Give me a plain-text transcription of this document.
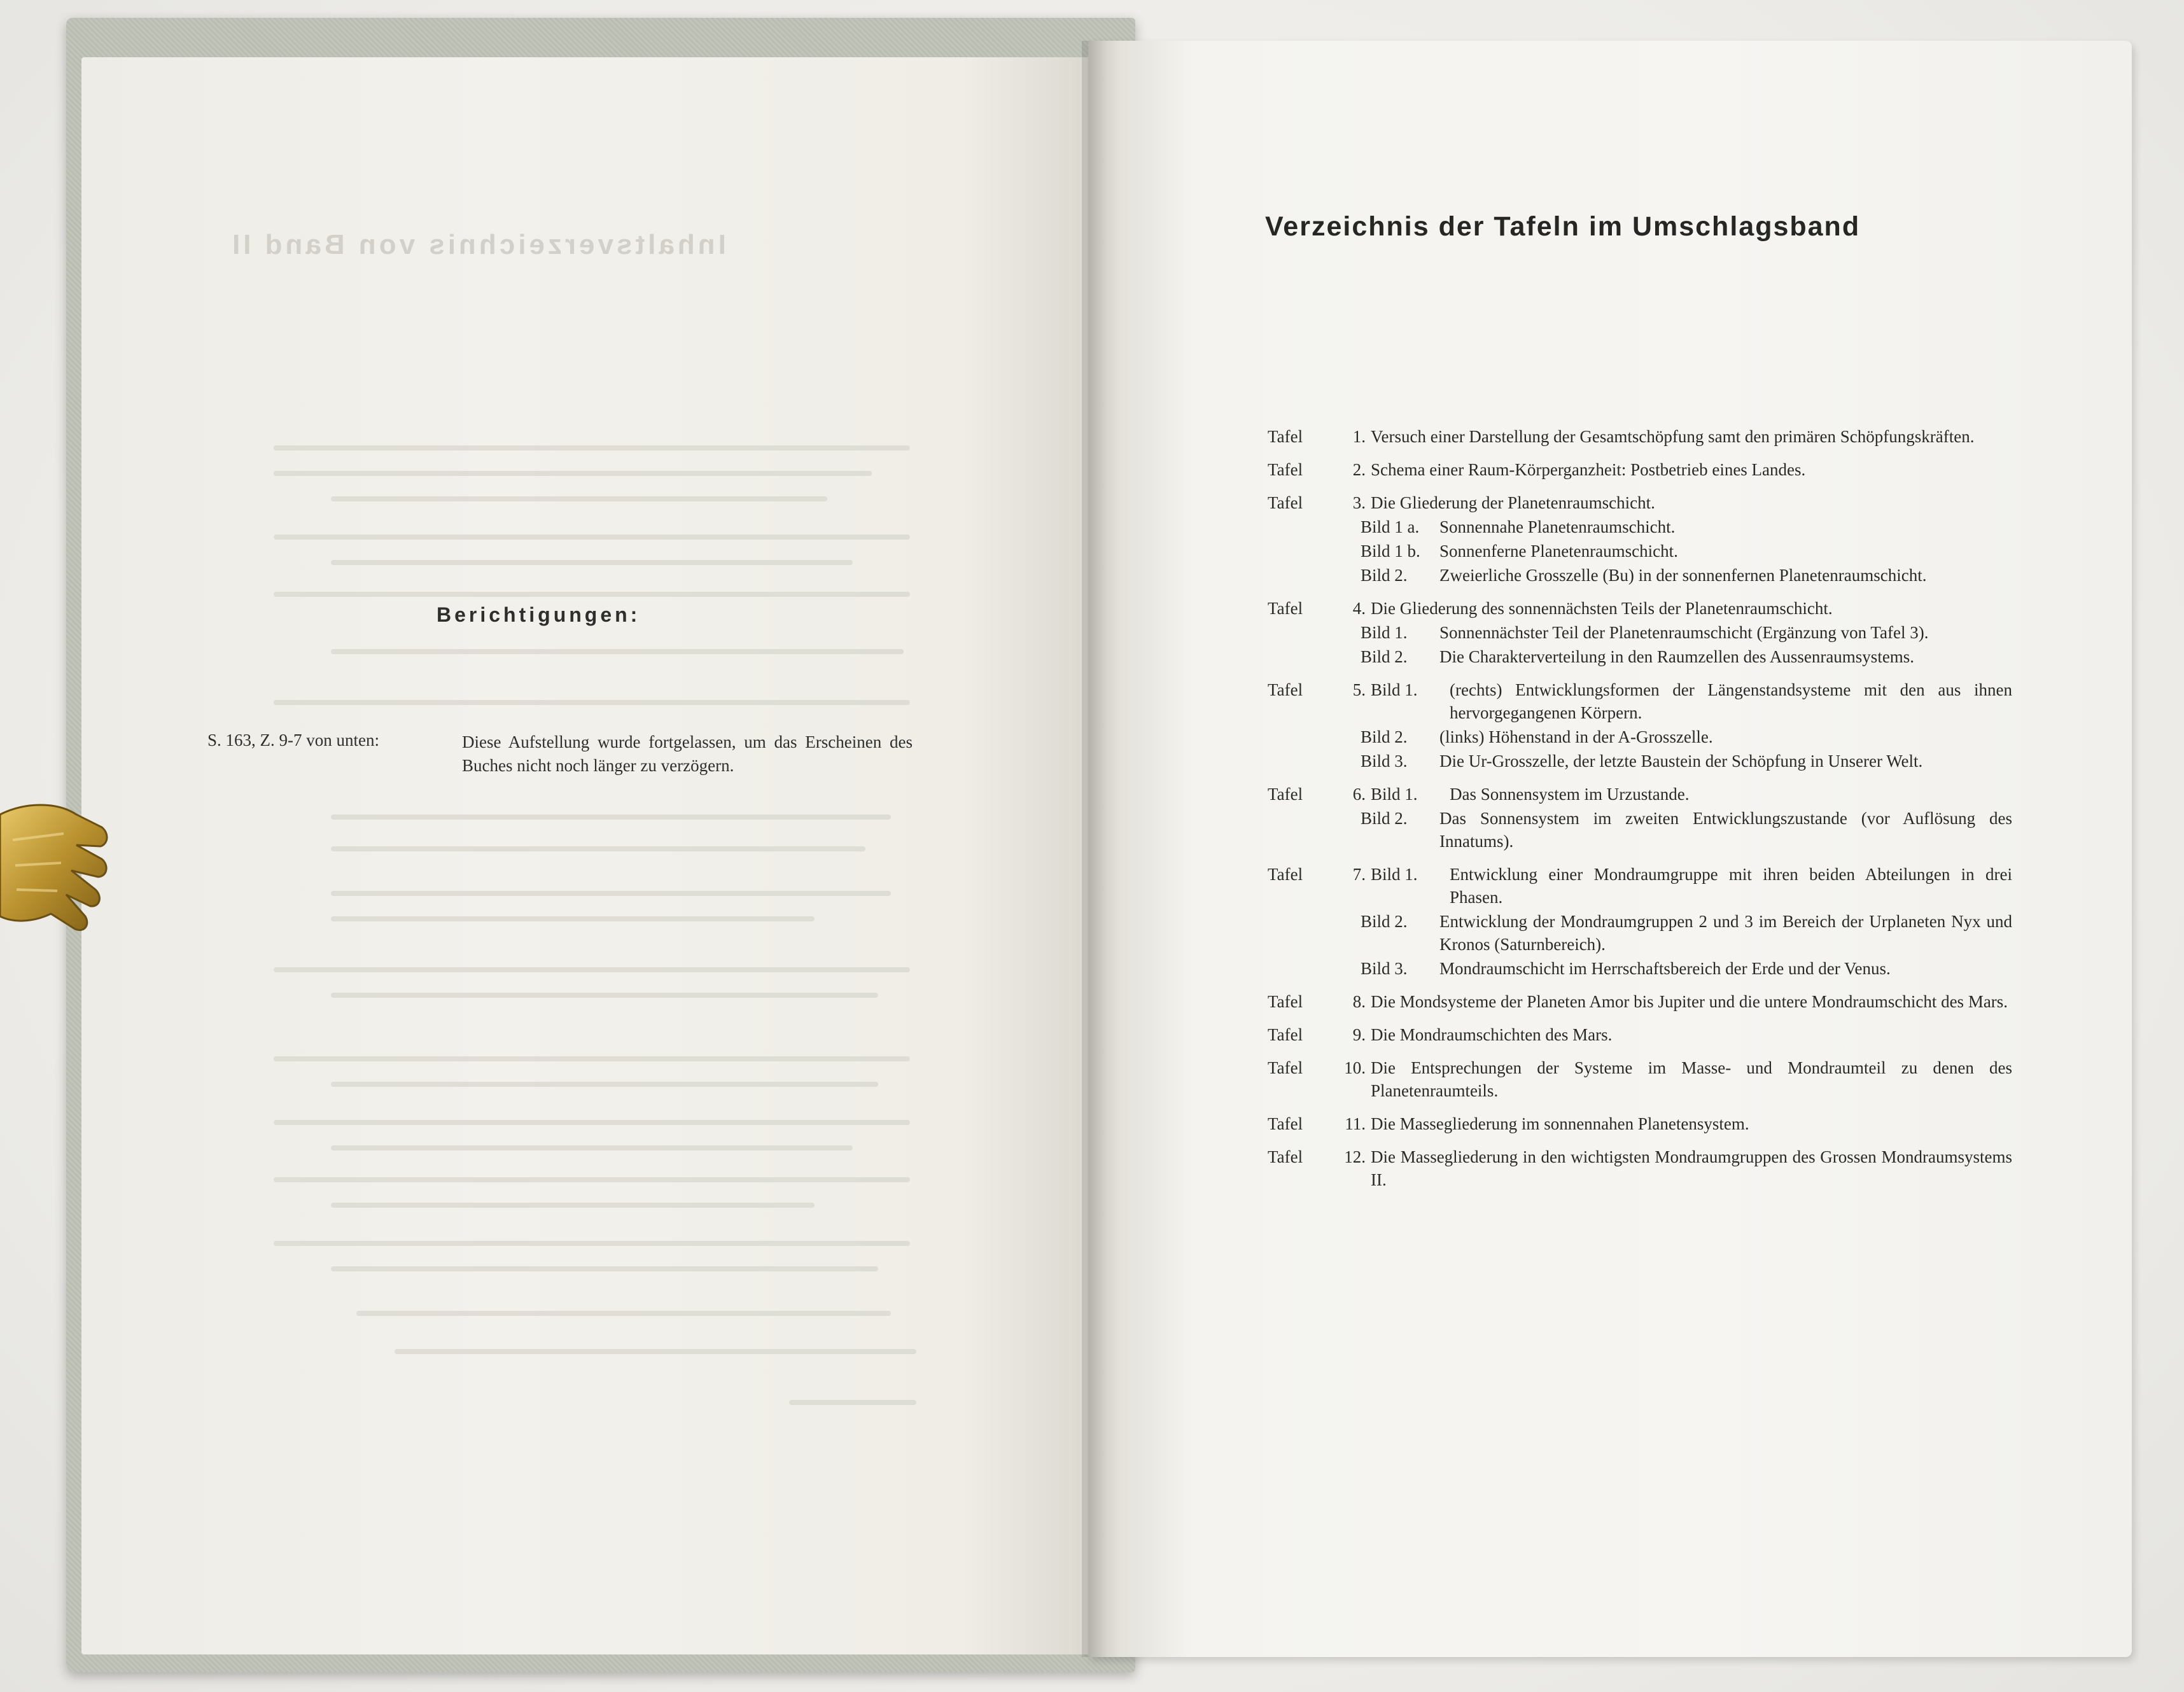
Inhaltsverzeichnis von Band II
Berichtigungen:
S. 163, Z. 9-7 von unten:	Diese Aufstellung wurde fortgelassen, um das Erscheinen des Buches nicht noch länger zu verzögern.
Verzeichnis der Tafeln im Umschlagsband
Tafel	1. Versuch einer Darstellung der Gesamtschöpfung samt den primären Schöpfungskräften.
Tafel	2. Schema einer Raum-Körperganzheit: Postbetrieb eines Landes.
Tafel	3. Die Gliederung der Planetenraumschicht.
Bild 1 a.	Sonnennahe Planetenraumschicht.
Bild 1 b.	Sonnenferne Planetenraumschicht.
Bild 2.	Zweierliche Grosszelle (Bu) in der sonnenfernen Planetenraumschicht.
Tafel	4. Die Gliederung des sonnennächsten Teils der Planetenraumschicht.
Bild 1.	Sonnennächster Teil der Planetenraumschicht (Ergänzung von Tafel 3).
Bild 2.	Die Charakterverteilung in den Raumzellen des Aussenraumsystems.
Tafel	5. Bild 1.	(rechts) Entwicklungsformen der Längenstandsysteme mit den aus ihnen hervorgegangenen Körpern.
Bild 2.	(links) Höhenstand in der A-Grosszelle.
Bild 3.	Die Ur-Grosszelle, der letzte Baustein der Schöpfung in Unserer Welt.
Tafel	6. Bild 1.	Das Sonnensystem im Urzustande.
Bild 2.	Das Sonnensystem im zweiten Entwicklungszustande (vor Auflösung des Innatums).
Tafel	7. Bild 1.	Entwicklung einer Mondraumgruppe mit ihren beiden Abteilungen in drei Phasen.
Bild 2.	Entwicklung der Mondraumgruppen 2 und 3 im Bereich der Urplaneten Nyx und Kronos (Saturnbereich).
Bild 3.	Mondraumschicht im Herrschaftsbereich der Erde und der Venus.
Tafel	8. Die Mondsysteme der Planeten Amor bis Jupiter und die untere Mondraumschicht des Mars.
Tafel	9. Die Mondraumschichten des Mars.
Tafel	10. Die Entsprechungen der Systeme im Masse- und Mondraumteil zu denen des Planetenraumteils.
Tafel	11. Die Massegliederung im sonnennahen Planetensystem.
Tafel	12. Die Massegliederung in den wichtigsten Mondraumgruppen des Grossen Mondraumsystems II.
